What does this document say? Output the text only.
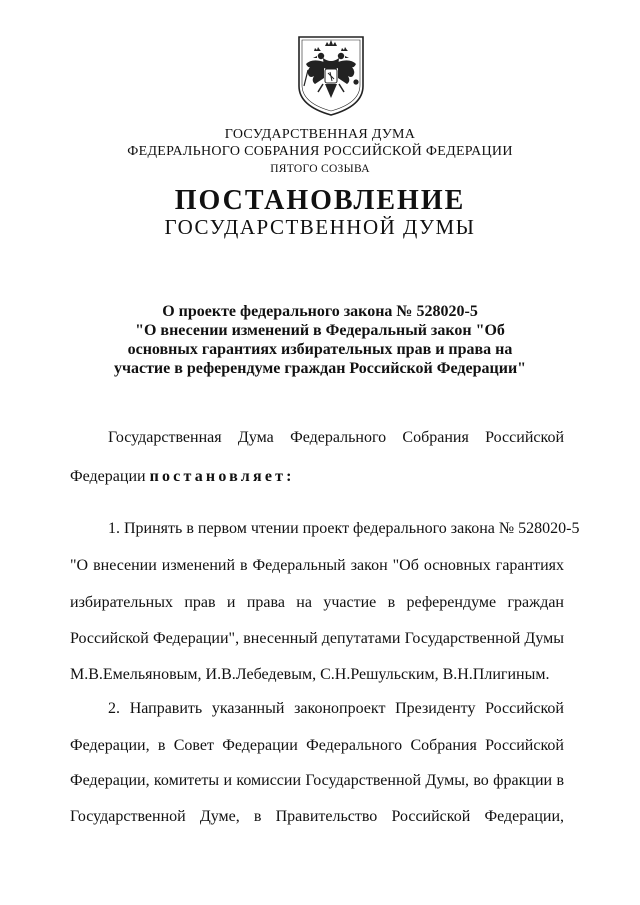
ГОСУДАРСТВЕННАЯ ДУМА
ФЕДЕРАЛЬНОГО СОБРАНИЯ РОССИЙСКОЙ ФЕДЕРАЦИИ
ПЯТОГО СОЗЫВА
ПОСТАНОВЛЕНИЕ
ГОСУДАРСТВЕННОЙ ДУМЫ
О проекте федерального закона № 528020-5
"О внесении изменений в Федеральный закон "Об
основных гарантиях избирательных прав и права на
участие в референдуме граждан Российской Федерации"
Государственная Дума Федерального Собрания Российской
Федерации постановляет:
1. Принять в первом чтении проект федерального закона № 528020-5
"О внесении изменений в Федеральный закон "Об основных гарантиях
избирательных прав и права на участие в референдуме граждан
Российской Федерации", внесенный депутатами Государственной Думы
М.В.Емельяновым, И.В.Лебедевым, С.Н.Решульским, В.Н.Плигиным.
2. Направить указанный законопроект Президенту Российской
Федерации, в Совет Федерации Федерального Собрания Российской
Федерации, комитеты и комиссии Государственной Думы, во фракции в
Государственной Думе, в Правительство Российской Федерации,
